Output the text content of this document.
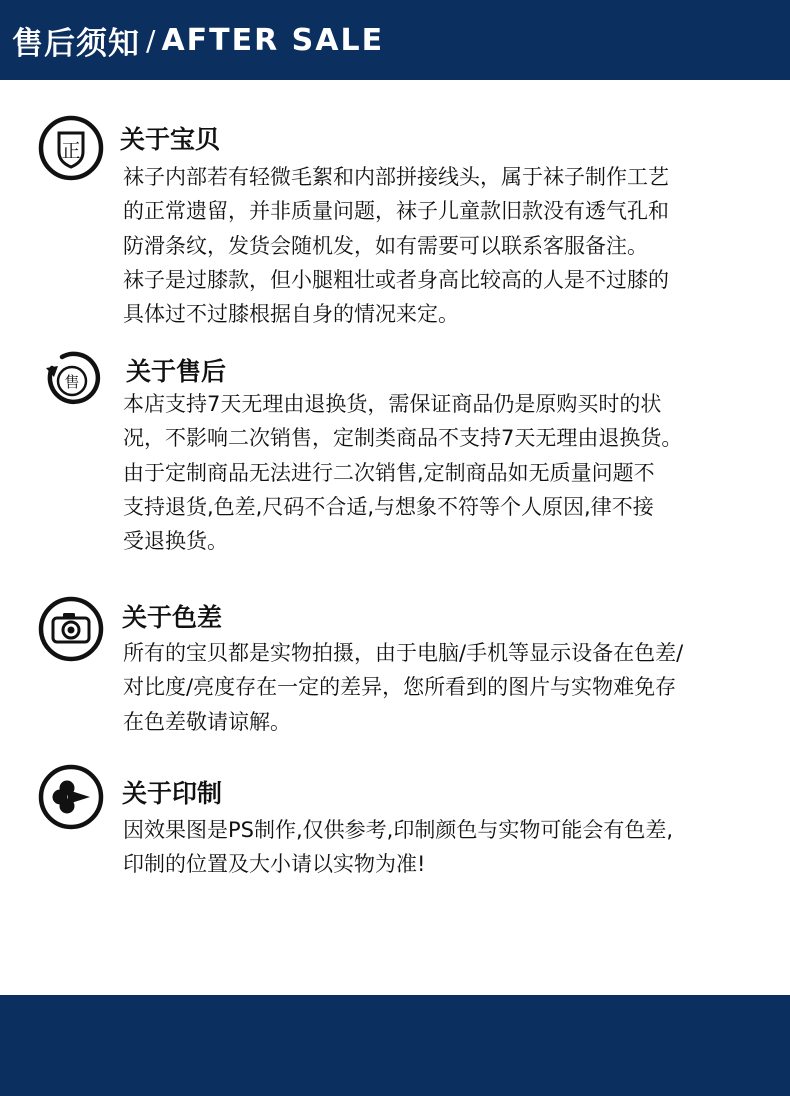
售后须知 / AFTER SALE
正 关于宝贝
袜子内部若有轻微毛絮和内部拼接线头，属于袜子制作工艺
的正常遗留，并非质量问题，袜子儿童款旧款没有透气孔和
防滑条纹，发货会随机发，如有需要可以联系客服备注。
袜子是过膝款，但小腿粗壮或者身高比较高的人是不过膝的
具体过不过膝根据自身的情况来定。
售 关于售后
本店支持7天无理由退换货，需保证商品仍是原购买时的状
况，不影响二次销售，定制类商品不支持7天无理由退换货。
由于定制商品无法进行二次销售,定制商品如无质量问题不
支持退货,色差,尺码不合适,与想象不符等个人原因,律不接
受退换货。
关于色差
所有的宝贝都是实物拍摄，由于电脑/手机等显示设备在色差/
对比度/亮度存在一定的差异，您所看到的图片与实物难免存
在色差敬请谅解。
关于印制
因效果图是PS制作,仅供参考,印制颜色与实物可能会有色差,
印制的位置及大小请以实物为准!
